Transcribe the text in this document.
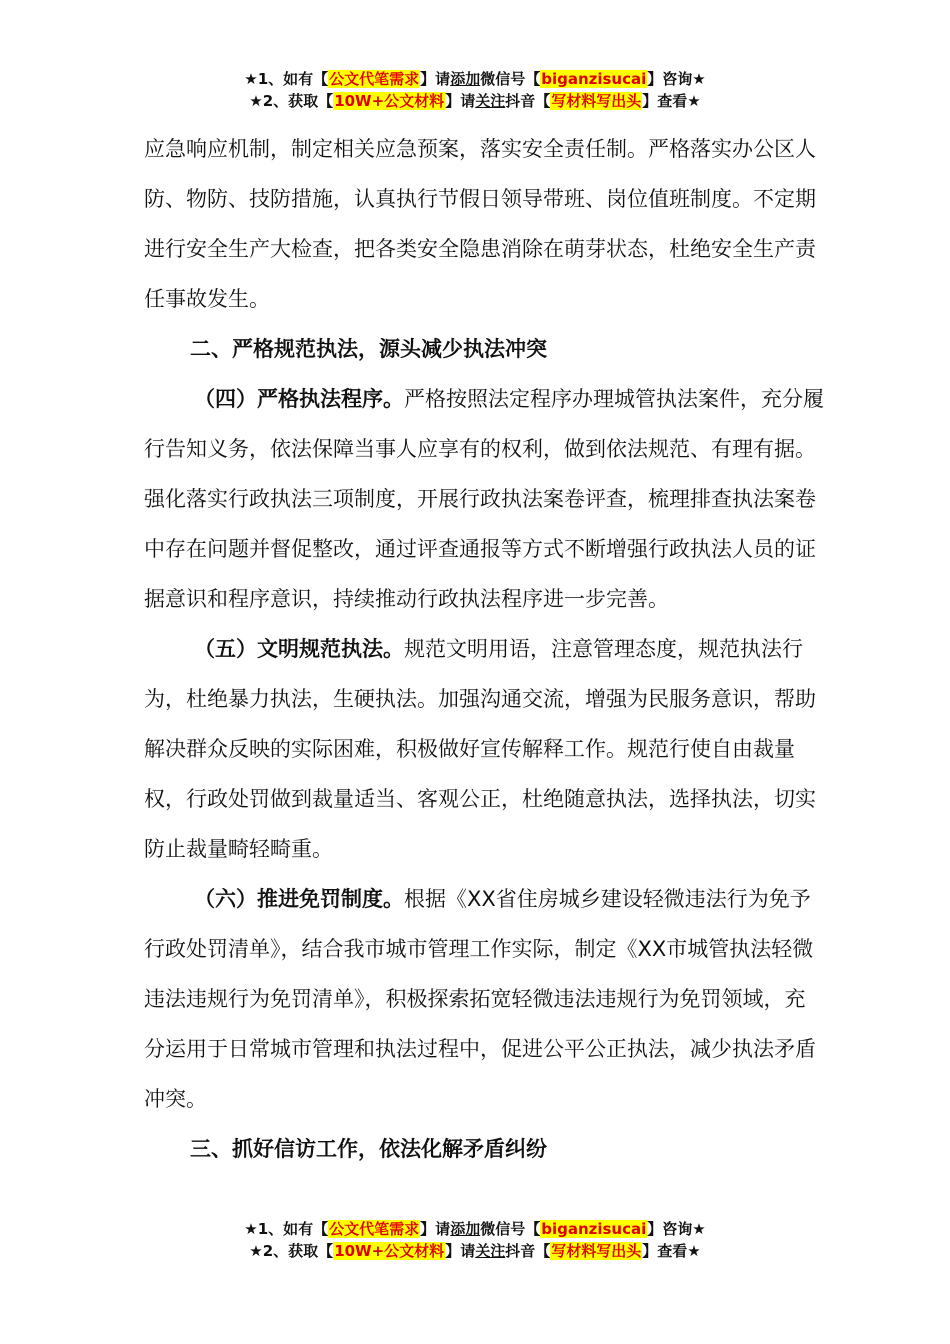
★1、如有【公文代笔需求】请添加微信号【biganzisucai】咨询★
★2、获取【10W+公文材料】请关注抖音【写材料写出头】查看★

应急响应机制，制定相关应急预案，落实安全责任制。严格落实办公区人防、物防、技防措施，认真执行节假日领导带班、岗位值班制度。不定期进行安全生产大检查，把各类安全隐患消除在萌芽状态，杜绝安全生产责任事故发生。

二、严格规范执法，源头减少执法冲突

（四）严格执法程序。严格按照法定程序办理城管执法案件，充分履行告知义务，依法保障当事人应享有的权利，做到依法规范、有理有据。强化落实行政执法三项制度，开展行政执法案卷评查，梳理排查执法案卷中存在问题并督促整改，通过评查通报等方式不断增强行政执法人员的证据意识和程序意识，持续推动行政执法程序进一步完善。

（五）文明规范执法。规范文明用语，注意管理态度，规范执法行为，杜绝暴力执法，生硬执法。加强沟通交流，增强为民服务意识，帮助解决群众反映的实际困难，积极做好宣传解释工作。规范行使自由裁量权，行政处罚做到裁量适当、客观公正，杜绝随意执法，选择执法，切实防止裁量畸轻畸重。

（六）推进免罚制度。根据《XX省住房城乡建设轻微违法行为免予行政处罚清单》，结合我市城市管理工作实际，制定《XX市城管执法轻微违法违规行为免罚清单》，积极探索拓宽轻微违法违规行为免罚领域，充分运用于日常城市管理和执法过程中，促进公平公正执法，减少执法矛盾冲突。

三、抓好信访工作，依法化解矛盾纠纷

★1、如有【公文代笔需求】请添加微信号【biganzisucai】咨询★
★2、获取【10W+公文材料】请关注抖音【写材料写出头】查看★
